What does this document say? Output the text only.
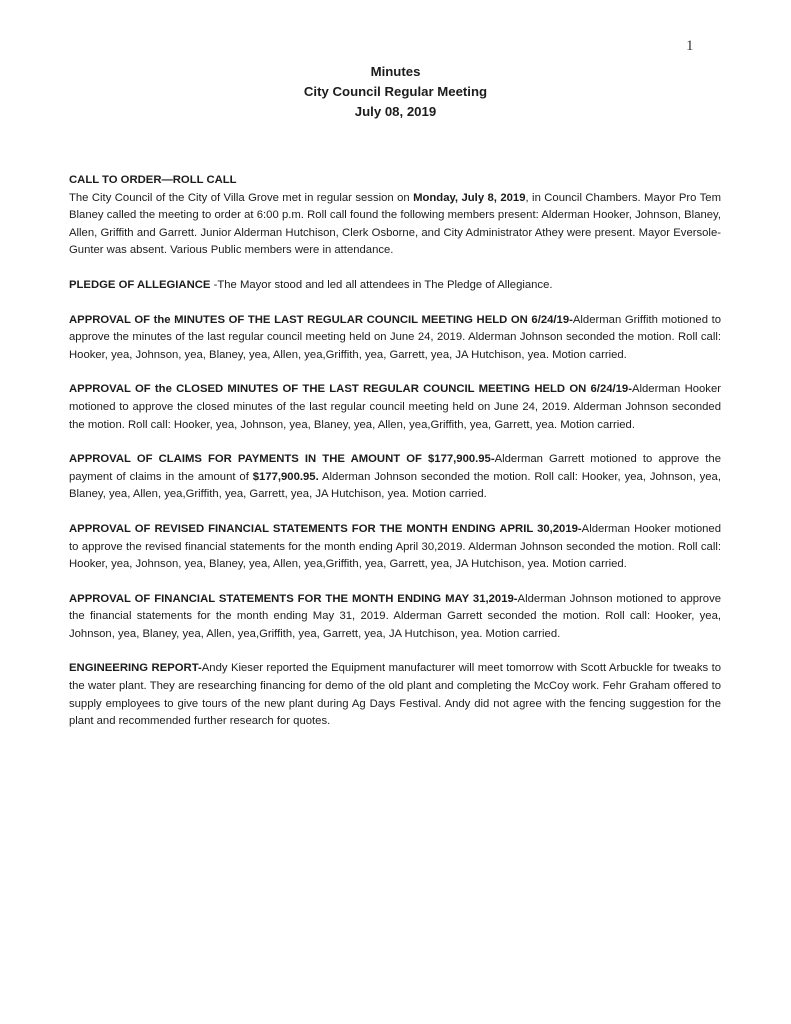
1
Minutes
City Council Regular Meeting
July 08, 2019
CALL TO ORDER—ROLL CALL
The City Council of the City of Villa Grove met in regular session on Monday, July 8, 2019, in Council Chambers. Mayor Pro Tem Blaney called the meeting to order at 6:00 p.m. Roll call found the following members present: Alderman Hooker, Johnson, Blaney, Allen, Griffith and Garrett. Junior Alderman Hutchison, Clerk Osborne, and City Administrator Athey were present. Mayor Eversole-Gunter was absent. Various Public members were in attendance.
PLEDGE OF ALLEGIANCE -The Mayor stood and led all attendees in The Pledge of Allegiance.
APPROVAL OF the MINUTES OF THE LAST REGULAR COUNCIL MEETING HELD ON 6/24/19-Alderman Griffith motioned to approve the minutes of the last regular council meeting held on June 24, 2019. Alderman Johnson seconded the motion. Roll call: Hooker, yea, Johnson, yea, Blaney, yea, Allen, yea,Griffith, yea, Garrett, yea, JA Hutchison, yea. Motion carried.
APPROVAL OF the CLOSED MINUTES OF THE LAST REGULAR COUNCIL MEETING HELD ON 6/24/19-Alderman Hooker motioned to approve the closed minutes of the last regular council meeting held on June 24, 2019. Alderman Johnson seconded the motion. Roll call: Hooker, yea, Johnson, yea, Blaney, yea, Allen, yea,Griffith, yea, Garrett, yea. Motion carried.
APPROVAL OF CLAIMS FOR PAYMENTS IN THE AMOUNT OF $177,900.95-Alderman Garrett motioned to approve the payment of claims in the amount of $177,900.95. Alderman Johnson seconded the motion. Roll call: Hooker, yea, Johnson, yea, Blaney, yea, Allen, yea,Griffith, yea, Garrett, yea, JA Hutchison, yea. Motion carried.
APPROVAL OF REVISED FINANCIAL STATEMENTS FOR THE MONTH ENDING APRIL 30,2019-Alderman Hooker motioned to approve the revised financial statements for the month ending April 30,2019. Alderman Johnson seconded the motion. Roll call: Hooker, yea, Johnson, yea, Blaney, yea, Allen, yea,Griffith, yea, Garrett, yea, JA Hutchison, yea. Motion carried.
APPROVAL OF FINANCIAL STATEMENTS FOR THE MONTH ENDING MAY 31,2019-Alderman Johnson motioned to approve the financial statements for the month ending May 31, 2019. Alderman Garrett seconded the motion. Roll call: Hooker, yea, Johnson, yea, Blaney, yea, Allen, yea,Griffith, yea, Garrett, yea, JA Hutchison, yea. Motion carried.
ENGINEERING REPORT-Andy Kieser reported the Equipment manufacturer will meet tomorrow with Scott Arbuckle for tweaks to the water plant. They are researching financing for demo of the old plant and completing the McCoy work. Fehr Graham offered to supply employees to give tours of the new plant during Ag Days Festival. Andy did not agree with the fencing suggestion for the plant and recommended further research for quotes.
